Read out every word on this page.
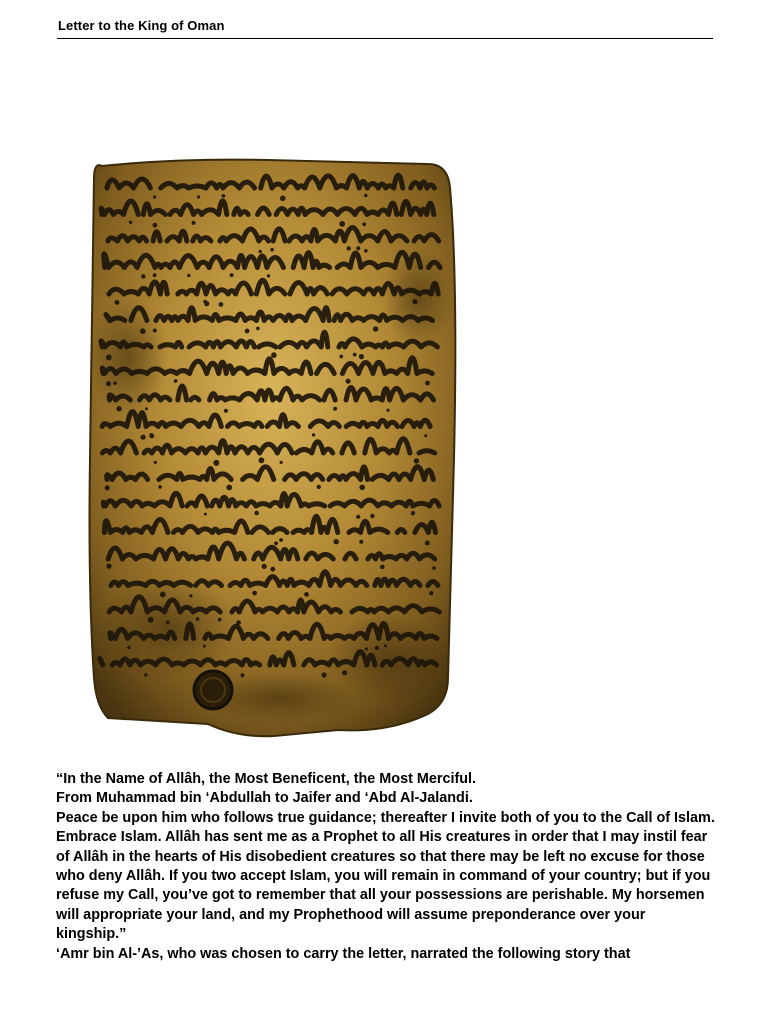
Letter to the King of Oman

“In the Name of Allâh, the Most Beneficent, the Most Merciful.

From Muhammad bin ‘Abdullah to Jaifer and ‘Abd Al-Jalandi.

Peace be upon him who follows true guidance; thereafter I invite both of you to the Call of Islam.

Embrace Islam. Allâh has sent me as a Prophet to all His creatures in order that I may instil fear of Allâh in the hearts of His disobedient creatures so that there may be left no excuse for those who deny Allâh. If you two accept Islam, you will remain in command of your country; but if you refuse my Call, you’ve got to remember that all your possessions are perishable. My horsemen will appropriate your land, and my Prophethood will assume preponderance over your kingship.”

‘Amr bin Al-’As, who was chosen to carry the letter, narrated the following story that
